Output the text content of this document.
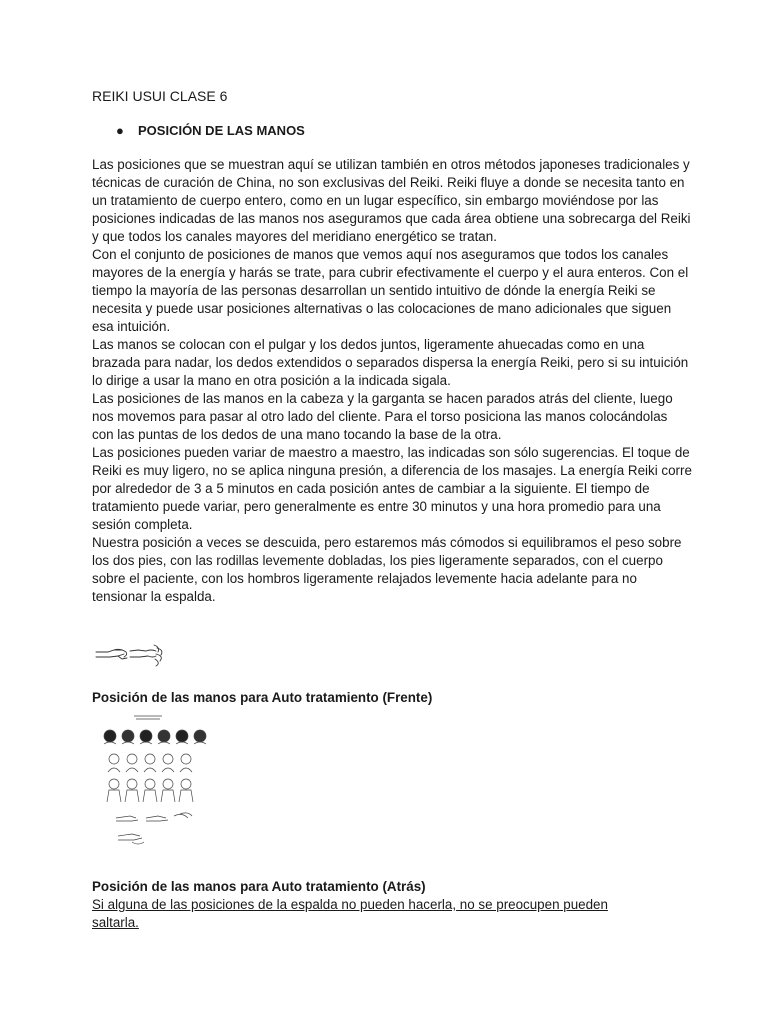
REIKI USUI CLASE 6
● POSICIÓN DE LAS MANOS

Las posiciones que se muestran aquí se utilizan también en otros métodos japoneses tradicionales y técnicas de curación de China, no son exclusivas del Reiki. Reiki fluye a donde se necesita tanto en un tratamiento de cuerpo entero, como en un lugar específico, sin embargo moviéndose por las posiciones indicadas de las manos nos aseguramos que cada área obtiene una sobrecarga del Reiki y que todos los canales mayores del meridiano energético se tratan.

Con el conjunto de posiciones de manos que vemos aquí nos aseguramos que todos los canales mayores de la energía y harás se trate, para cubrir efectivamente el cuerpo y el aura enteros. Con el tiempo la mayoría de las personas desarrollan un sentido intuitivo de dónde la energía Reiki se necesita y puede usar posiciones alternativas o las colocaciones de mano adicionales que siguen esa intuición.

Las manos se colocan con el pulgar y los dedos juntos, ligeramente ahuecadas como en una brazada para nadar, los dedos extendidos o separados dispersa la energía Reiki, pero si su intuición lo dirige a usar la mano en otra posición a la indicada sigala.

Las posiciones de las manos en la cabeza y la garganta se hacen parados atrás del cliente, luego nos movemos para pasar al otro lado del cliente. Para el torso posiciona las manos colocándolas con las puntas de los dedos de una mano tocando la base de la otra.

Las posiciones pueden variar de maestro a maestro, las indicadas son sólo sugerencias. El toque de Reiki es muy ligero, no se aplica ninguna presión, a diferencia de los masajes. La energía Reiki corre por alrededor de 3 a 5 minutos en cada posición antes de cambiar a la siguiente. El tiempo de tratamiento puede variar, pero generalmente es entre 30 minutos y una hora promedio para una sesión completa.

Nuestra posición a veces se descuida, pero estaremos más cómodos si equilibramos el peso sobre los dos pies, con las rodillas levemente dobladas, los pies ligeramente separados, con el cuerpo sobre el paciente, con los hombros ligeramente relajados levemente hacia adelante para no tensionar la espalda.

Posición de las manos para Auto tratamiento (Frente)
Posición de las manos para Auto tratamiento (Atrás)
Si alguna de las posiciones de la espalda no pueden hacerla, no se preocupen pueden saltarla.
